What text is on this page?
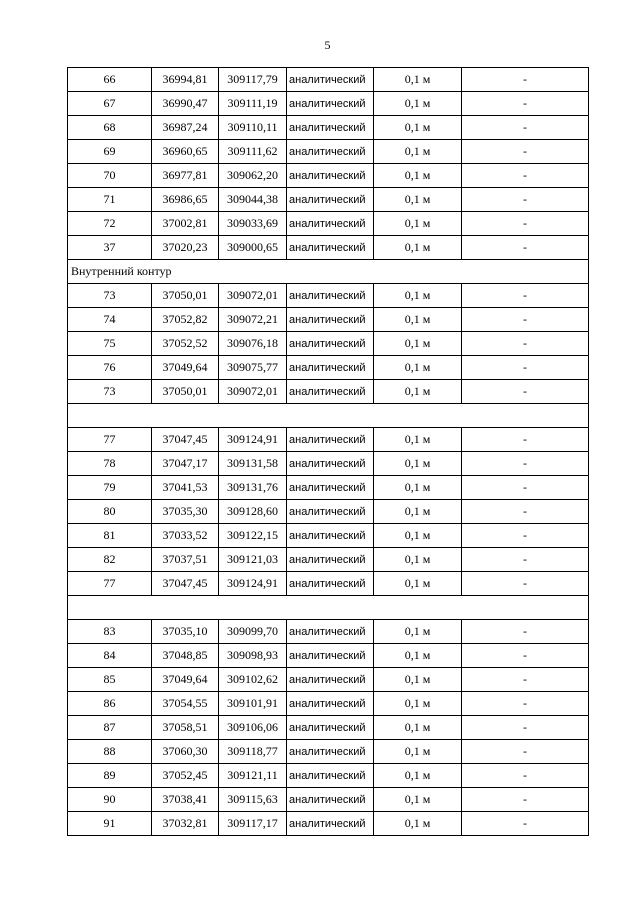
5
66	36994,81	309117,79	аналитический	0,1 м	-
67	36990,47	309111,19	аналитический	0,1 м	-
68	36987,24	309110,11	аналитический	0,1 м	-
69	36960,65	309111,62	аналитический	0,1 м	-
70	36977,81	309062,20	аналитический	0,1 м	-
71	36986,65	309044,38	аналитический	0,1 м	-
72	37002,81	309033,69	аналитический	0,1 м	-
37	37020,23	309000,65	аналитический	0,1 м	-
Внутренний контур					
73	37050,01	309072,01	аналитический	0,1 м	-
74	37052,82	309072,21	аналитический	0,1 м	-
75	37052,52	309076,18	аналитический	0,1 м	-
76	37049,64	309075,77	аналитический	0,1 м	-
73	37050,01	309072,01	аналитический	0,1 м	-

77	37047,45	309124,91	аналитический	0,1 м	-
78	37047,17	309131,58	аналитический	0,1 м	-
79	37041,53	309131,76	аналитический	0,1 м	-
80	37035,30	309128,60	аналитический	0,1 м	-
81	37033,52	309122,15	аналитический	0,1 м	-
82	37037,51	309121,03	аналитический	0,1 м	-
77	37047,45	309124,91	аналитический	0,1 м	-

83	37035,10	309099,70	аналитический	0,1 м	-
84	37048,85	309098,93	аналитический	0,1 м	-
85	37049,64	309102,62	аналитический	0,1 м	-
86	37054,55	309101,91	аналитический	0,1 м	-
87	37058,51	309106,06	аналитический	0,1 м	-
88	37060,30	309118,77	аналитический	0,1 м	-
89	37052,45	309121,11	аналитический	0,1 м	-
90	37038,41	309115,63	аналитический	0,1 м	-
91	37032,81	309117,17	аналитический	0,1 м	-
